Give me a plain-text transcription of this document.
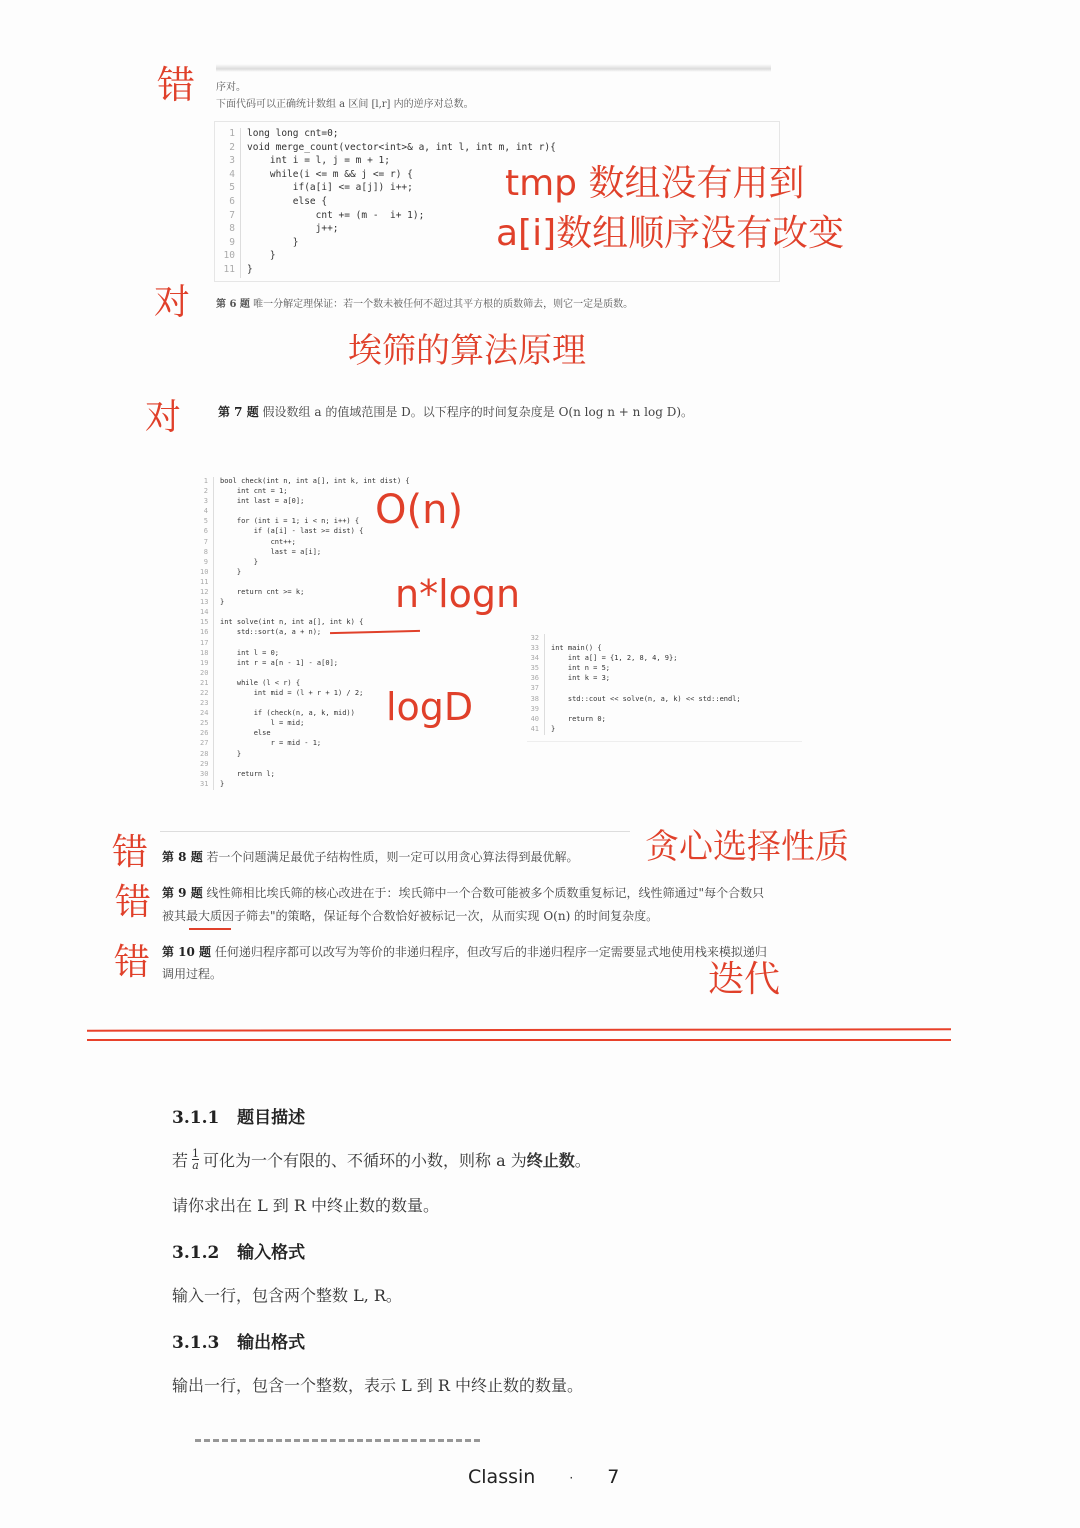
错 序对。
下面代码可以正确统计数组 a 区间 [l,r] 内的逆序对总数。
1	long long cnt=0;
2	void merge_count(vector<int>& a, int l, int m, int r){
3	int i = l, j = m + 1;
4	while(i <= m && j <= r) {
5	if(a[i] <= a[j]) i++;
6	else {
7	cnt += (m -  i+ 1);
8	j++;
9	}
10	}
11	}
tmp 数组没有用到
a[i]数组顺序没有改变
对	第 6 题 唯一分解定理保证：若一个数未被任何不超过其平方根的质数筛去，则它一定是质数。
埃筛的算法原理
对	第 7 题 假设数组 a 的值域范围是 D。以下程序的时间复杂度是 O(n log n + n log D)。
1	bool check(int n, int a[], int k, int dist) {
2	int cnt = 1;
3	int last = a[0];
4
5	for (int i = 1; i < n; i++) {
6	if (a[i] - last >= dist) {
7	cnt++;
8	last = a[i];
9	}
10	}
11
12	return cnt >= k;
13	}
14
15	int solve(int n, int a[], int k) {
16	std::sort(a, a + n);
17
18	int l = 0;
19	int r = a[n - 1] - a[0];
20
21	while (l < r) {
22	int mid = (l + r + 1) / 2;
23
24	if (check(n, a, k, mid))
25	l = mid;
26	else
27	r = mid - 1;
28	}
29
30	return l;
31	}
32
33	int main() {
34	int a[] = {1, 2, 8, 4, 9};
35	int n = 5;
36	int k = 3;
37
38	std::cout << solve(n, a, k) << std::endl;
39
40	return 0;
41	}
O(n)
n*logn
logD
错 第 8 题 若一个问题满足最优子结构性质，则一定可以用贪心算法得到最优解。 贪心选择性质
错 第 9 题 线性筛相比埃氏筛的核心改进在于：埃氏筛中一个合数可能被多个质数重复标记，线性筛通过"每个合数只
被其最大质因子筛去"的策略，保证每个合数恰好被标记一次，从而实现 O(n) 的时间复杂度。
错 第 10 题 任何递归程序都可以改写为等价的非递归程序，但改写后的非递归程序一定需要显式地使用栈来模拟递归
调用过程。	迭代
3.1.1 题目描述
若 $\frac{1}{a}$ 可化为一个有限的、不循环的小数，则称 a 为 终止数 。
请你求出在 L 到 R 中终止数的数量。
3.1.2 输入格式
输入一行，包含两个整数 L, R。
3.1.3 输出格式
输出一行，包含一个整数，表示 L 到 R 中终止数的数量。
Classin	· 7
